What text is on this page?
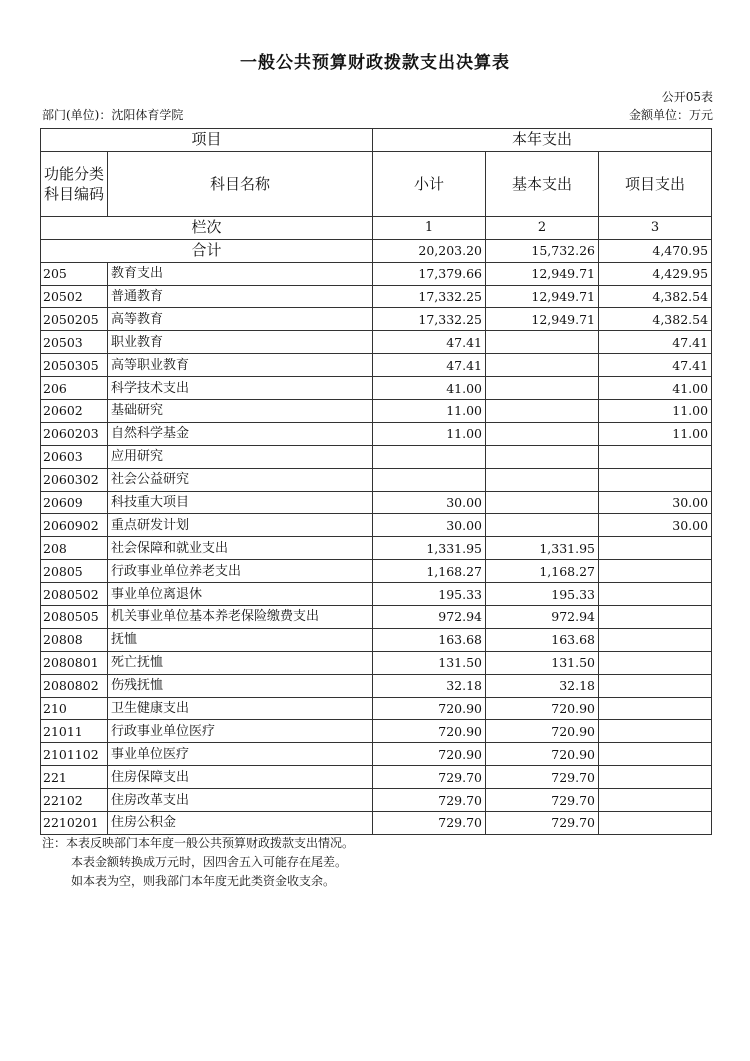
一般公共预算财政拨款支出决算表
公开05表
部门(单位)：沈阳体育学院	金额单位：万元
项目		本年支出		
功能分类科目编码	科目名称	小计	基本支出	项目支出
栏次		1	2	3
合计		20,203.20	15,732.26	4,470.95
205	教育支出	17,379.66	12,949.71	4,429.95
20502	普通教育	17,332.25	12,949.71	4,382.54
2050205	高等教育	17,332.25	12,949.71	4,382.54
20503	职业教育	47.41		47.41
2050305	高等职业教育	47.41		47.41
206	科学技术支出	41.00		41.00
20602	基础研究	11.00		11.00
2060203	自然科学基金	11.00		11.00
20603	应用研究			
2060302	社会公益研究			
20609	科技重大项目	30.00		30.00
2060902	重点研发计划	30.00		30.00
208	社会保障和就业支出	1,331.95	1,331.95	
20805	行政事业单位养老支出	1,168.27	1,168.27	
2080502	事业单位离退休	195.33	195.33	
2080505	机关事业单位基本养老保险缴费支出	972.94	972.94	
20808	抚恤	163.68	163.68	
2080801	死亡抚恤	131.50	131.50	
2080802	伤残抚恤	32.18	32.18	
210	卫生健康支出	720.90	720.90	
21011	行政事业单位医疗	720.90	720.90	
2101102	事业单位医疗	720.90	720.90	
221	住房保障支出	729.70	729.70	
22102	住房改革支出	729.70	729.70	
2210201	住房公积金	729.70	729.70	
注：本表反映部门本年度一般公共预算财政拨款支出情况。
本表金额转换成万元时，因四舍五入可能存在尾差。
如本表为空，则我部门本年度无此类资金收支余。
